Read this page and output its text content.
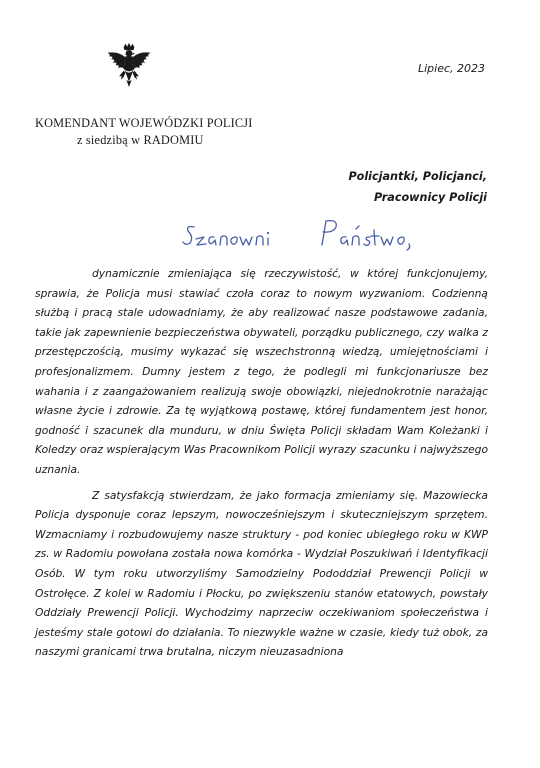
KOMENDANT WOJEWÓDZKI POLICJI
z siedzibą w RADOMIU
Lipiec, 2023
Policjantki, Policjanci,
Pracownicy Policji

dynamicznie zmieniająca się rzeczywistość, w której funkcjonujemy, sprawia, że Policja musi stawiać czoła coraz to nowym wyzwaniom. Codzienną służbą i pracą stale udowadniamy, że aby realizować nasze podstawowe zadania, takie jak zapewnienie bezpieczeństwa obywateli, porządku publicznego, czy walka z przestępczością, musimy wykazać się wszechstronną wiedzą, umiejętnościami i profesjonalizmem. Dumny jestem z tego, że podlegli mi funkcjonariusze bez wahania i z zaangażowaniem realizują swoje obowiązki, niejednokrotnie narażając własne życie i zdrowie. Za tę wyjątkową postawę, której fundamentem jest honor, godność i szacunek dla munduru, w dniu Święta Policji składam Wam Koleżanki i Koledzy oraz wspierającym Was Pracownikom Policji wyrazy szacunku i najwyższego uznania.

Z satysfakcją stwierdzam, że jako formacja zmieniamy się. Mazowiecka Policja dysponuje coraz lepszym, nowocześniejszym i skuteczniejszym sprzętem. Wzmacniamy i rozbudowujemy nasze struktury - pod koniec ubiegłego roku w KWP zs. w Radomiu powołana została nowa komórka - Wydział Poszukiwań i Identyfikacji Osób. W tym roku utworzyliśmy Samodzielny Pododdział Prewencji Policji w Ostrołęce. Z kolei w Radomiu i Płocku, po zwiększeniu stanów etatowych, powstały Oddziały Prewencji Policji. Wychodzimy naprzeciw oczekiwaniom społeczeństwa i jesteśmy stale gotowi do działania. To niezwykle ważne w czasie, kiedy tuż obok, za naszymi granicami trwa brutalna, niczym nieuzasadniona
